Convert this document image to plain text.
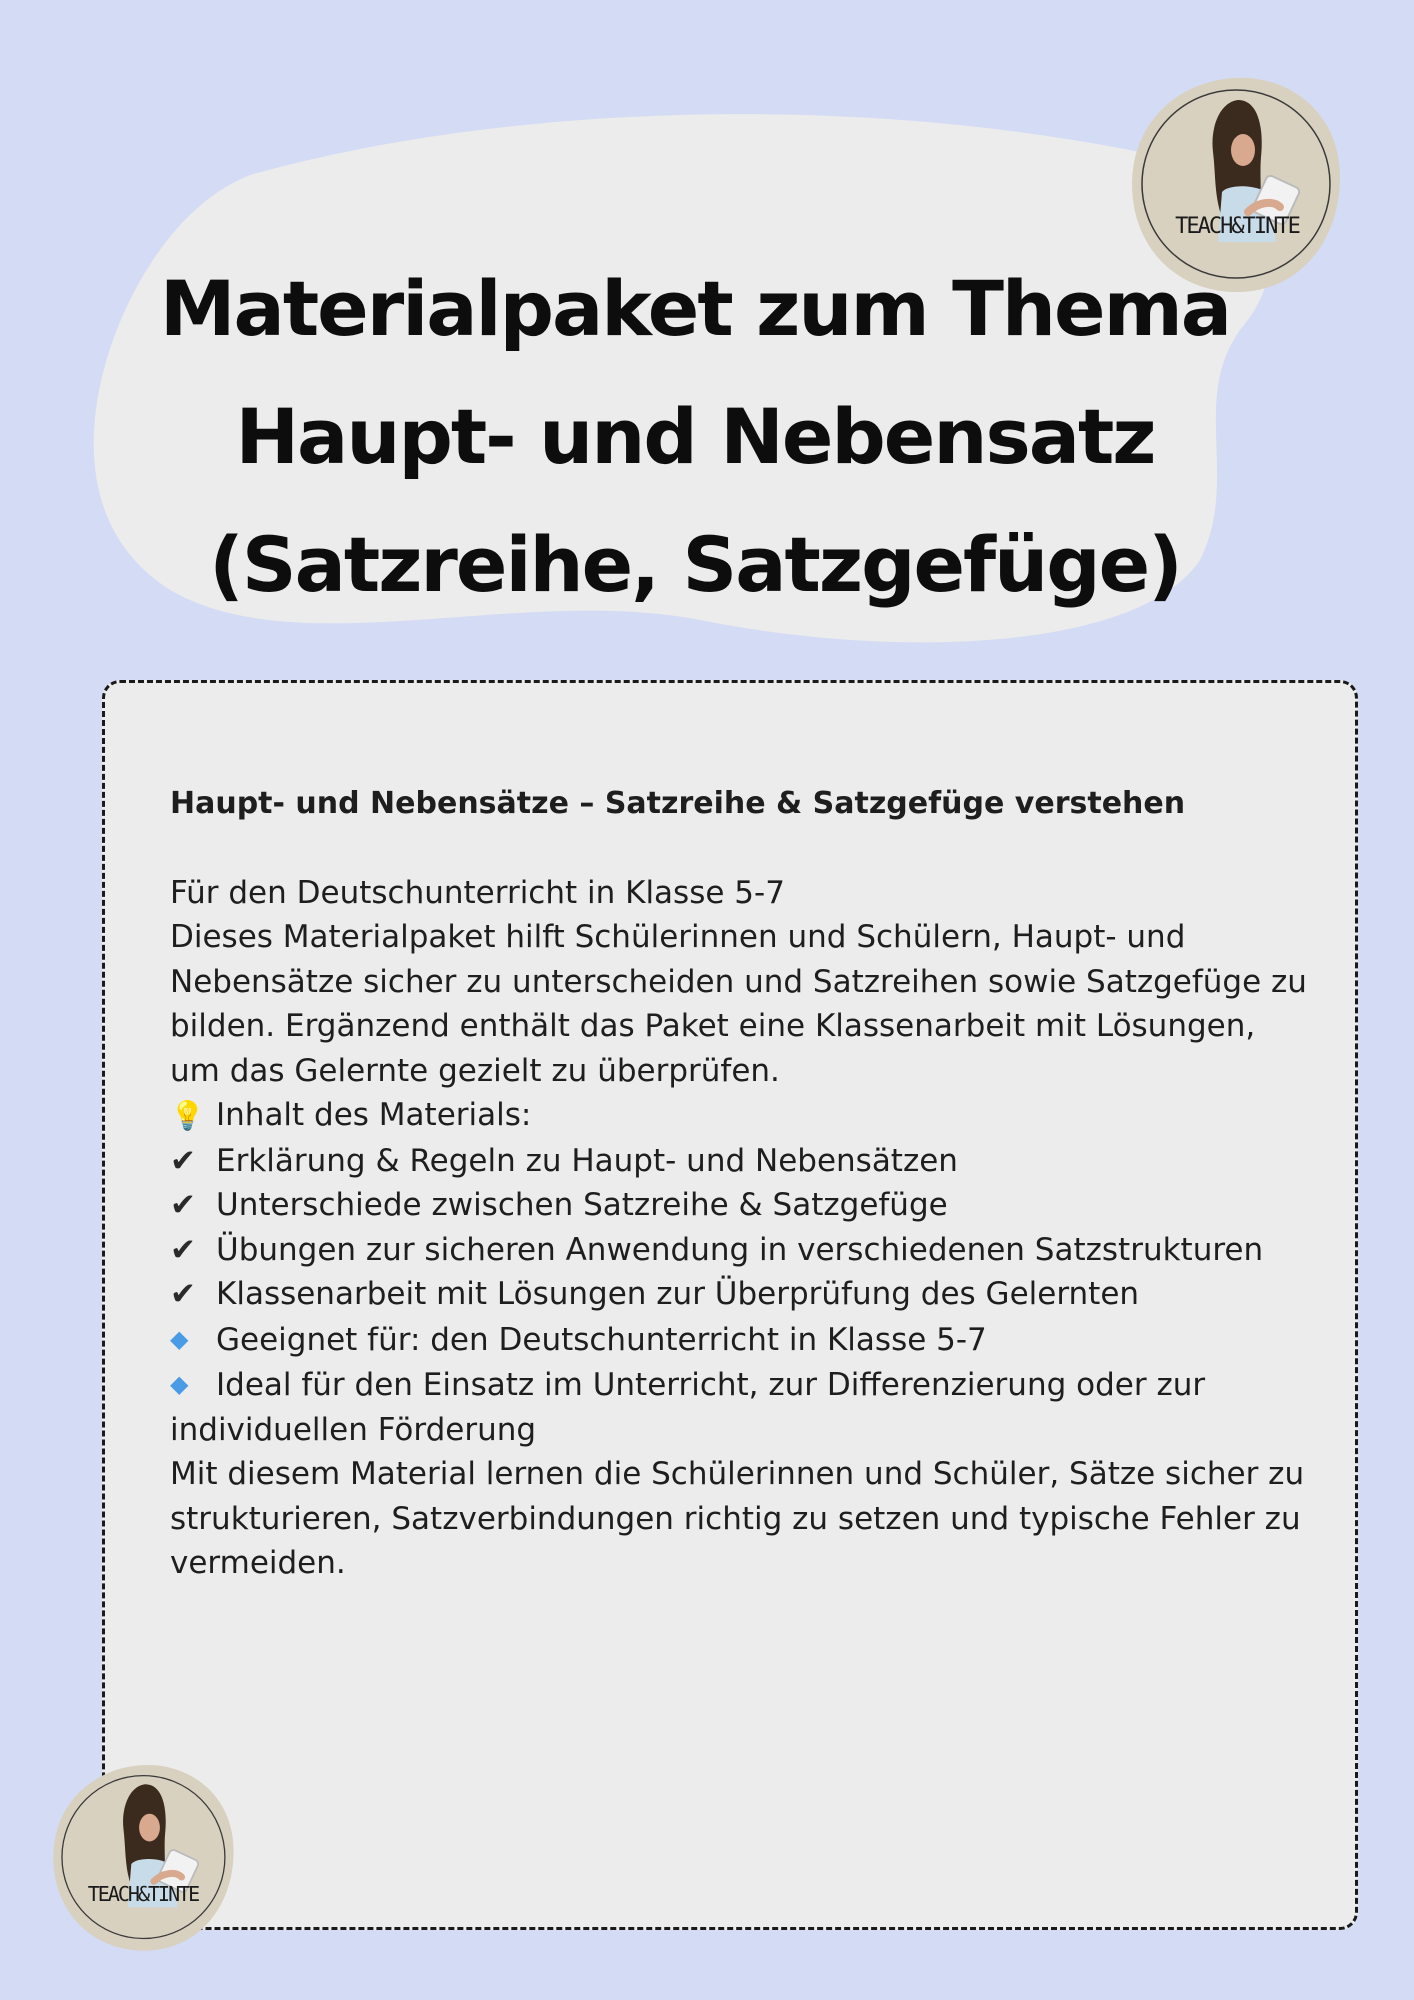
TEACH&TINTE
Materialpaket zum Thema
Haupt- und Nebensatz
(Satzreihe, Satzgefüge)
Haupt- und Nebensätze – Satzreihe & Satzgefüge verstehen

Für den Deutschunterricht in Klasse 5-7

Dieses Materialpaket hilft Schülerinnen und Schülern, Haupt- und Nebensätze sicher zu unterscheiden und Satzreihen sowie Satzgefüge zu bilden. Ergänzend enthält das Paket eine Klassenarbeit mit Lösungen, um das Gelernte gezielt zu überprüfen.

💡 Inhalt des Materials:

✔ Erklärung & Regeln zu Haupt- und Nebensätzen

✔ Unterschiede zwischen Satzreihe & Satzgefüge

✔ Übungen zur sicheren Anwendung in verschiedenen Satzstrukturen

✔ Klassenarbeit mit Lösungen zur Überprüfung des Gelernten

◆ Geeignet für: den Deutschunterricht in Klasse 5-7

◆ Ideal für den Einsatz im Unterricht, zur Differenzierung oder zur individuellen Förderung

Mit diesem Material lernen die Schülerinnen und Schüler, Sätze sicher zu strukturieren, Satzverbindungen richtig zu setzen und typische Fehler zu vermeiden.

TEACH&TINTE
